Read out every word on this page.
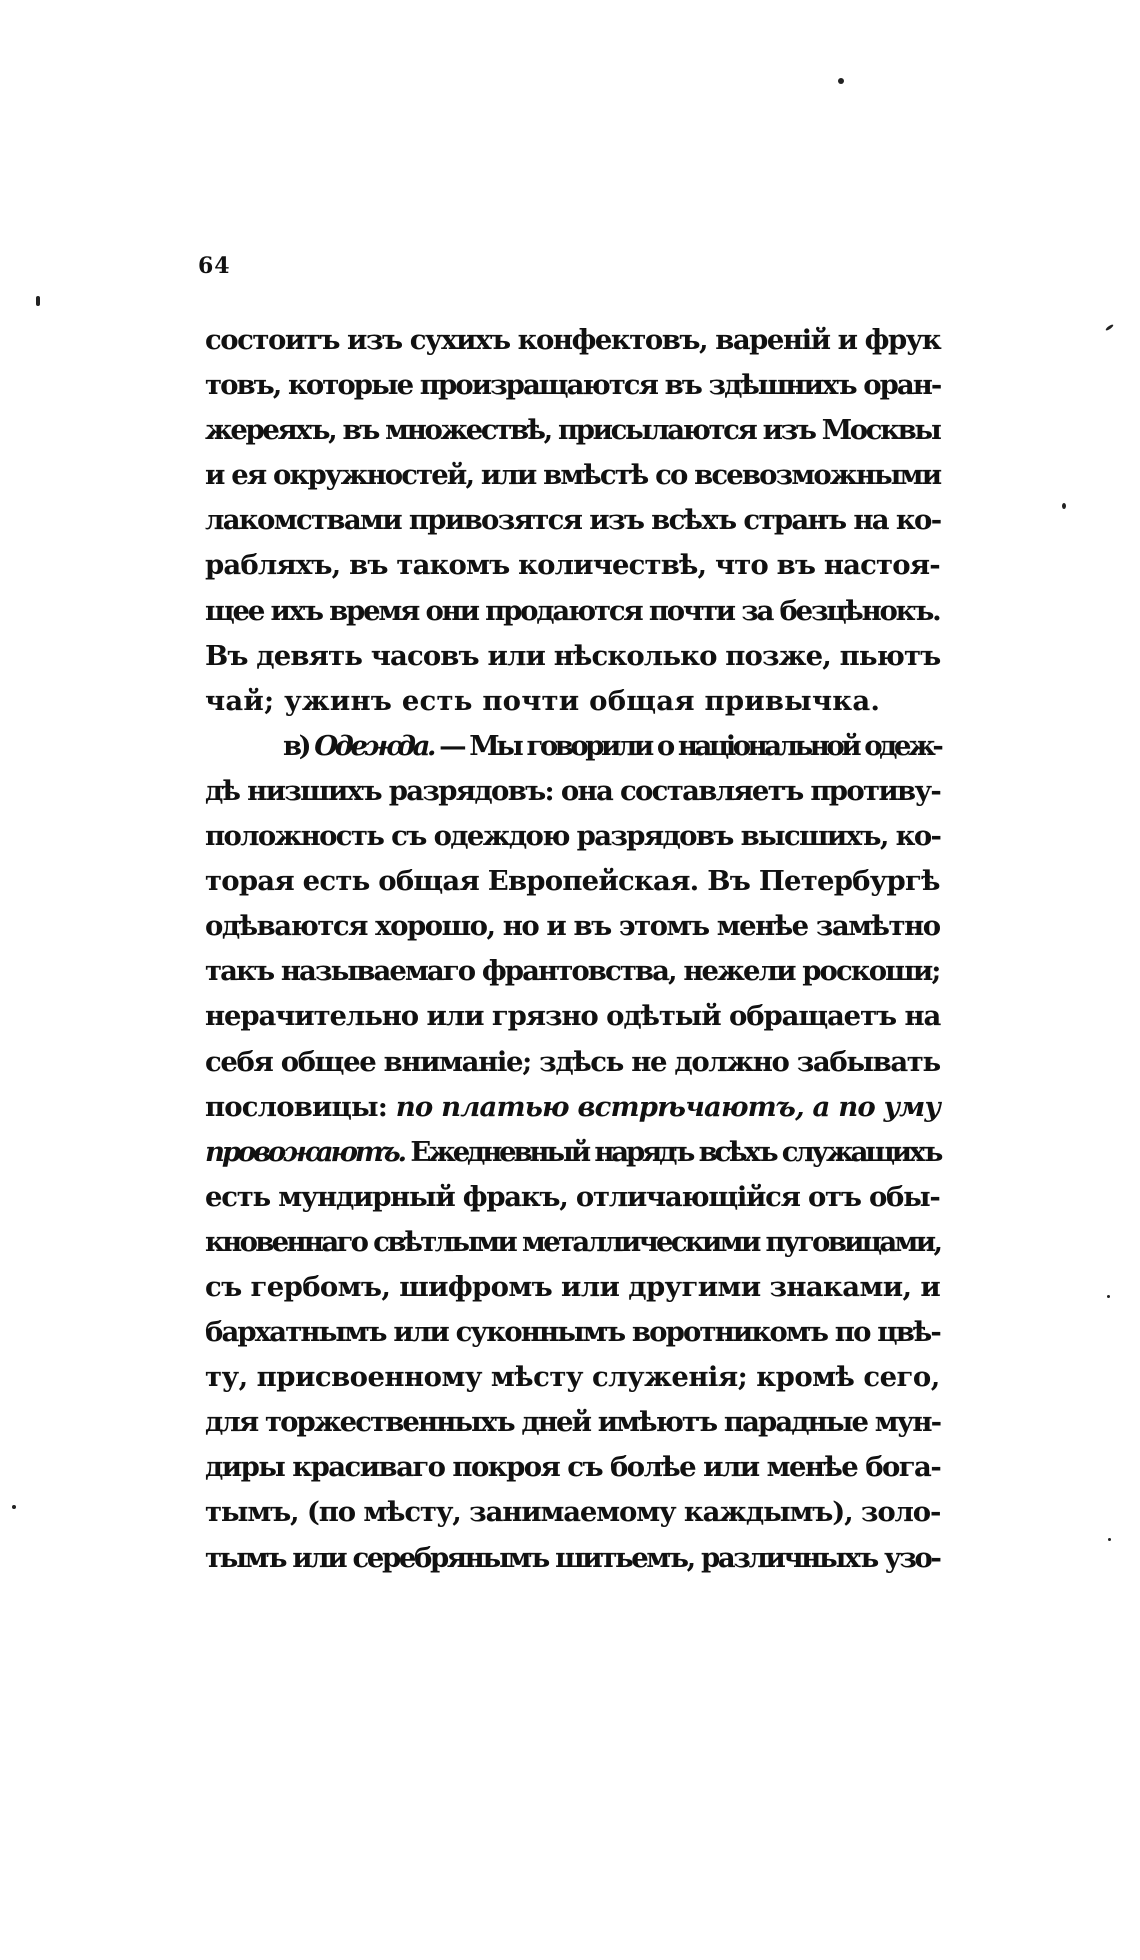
64
состоитъ изъ сухихъ конфектовъ, вареній и фрук
товъ, которые произращаются въ здѣшнихъ оран-
жереяхъ, въ множествѣ, присылаются изъ Москвы
и ея окружностей, или вмѣстѣ со всевозможными
лакомствами привозятся изъ всѣхъ странъ на ко-
рабляхъ, въ такомъ количествѣ, что въ настоя-
щее ихъ время они продаются почти за безцѣнокъ.
Въ девять часовъ или нѣсколько позже, пьютъ
чай; ужинъ есть почти общая привычка.
в) Одежда. — Мы говорили о національной одеж-
дѣ низшихъ разрядовъ: она составляетъ противу-
положность съ одеждою разрядовъ высшихъ, ко-
торая есть общая Европейская. Въ Петербургѣ
одѣваются хорошо, но и въ этомъ менѣе замѣтно
такъ называемаго франтовства, нежели роскоши;
нерачительно или грязно одѣтый обращаетъ на
себя общее вниманіе; здѣсь не должно забывать
пословицы: по платью встрѣчаютъ, а по уму
провожаютъ. Ежедневный нарядъ всѣхъ служащихъ
есть мундирный фракъ, отличающійся отъ обы-
кновеннаго свѣтлыми металлическими пуговицами,
съ гербомъ, шифромъ или другими знаками, и
бархатнымъ или суконнымъ воротникомъ по цвѣ-
ту, присвоенному мѣсту служенія; кромѣ сего,
для торжественныхъ дней имѣютъ парадные мун-
диры красиваго покроя съ болѣе или менѣе бога-
тымъ, (по мѣсту, занимаемому каждымъ), золо-
тымъ или серебрянымъ шитьемъ, различныхъ узо-
